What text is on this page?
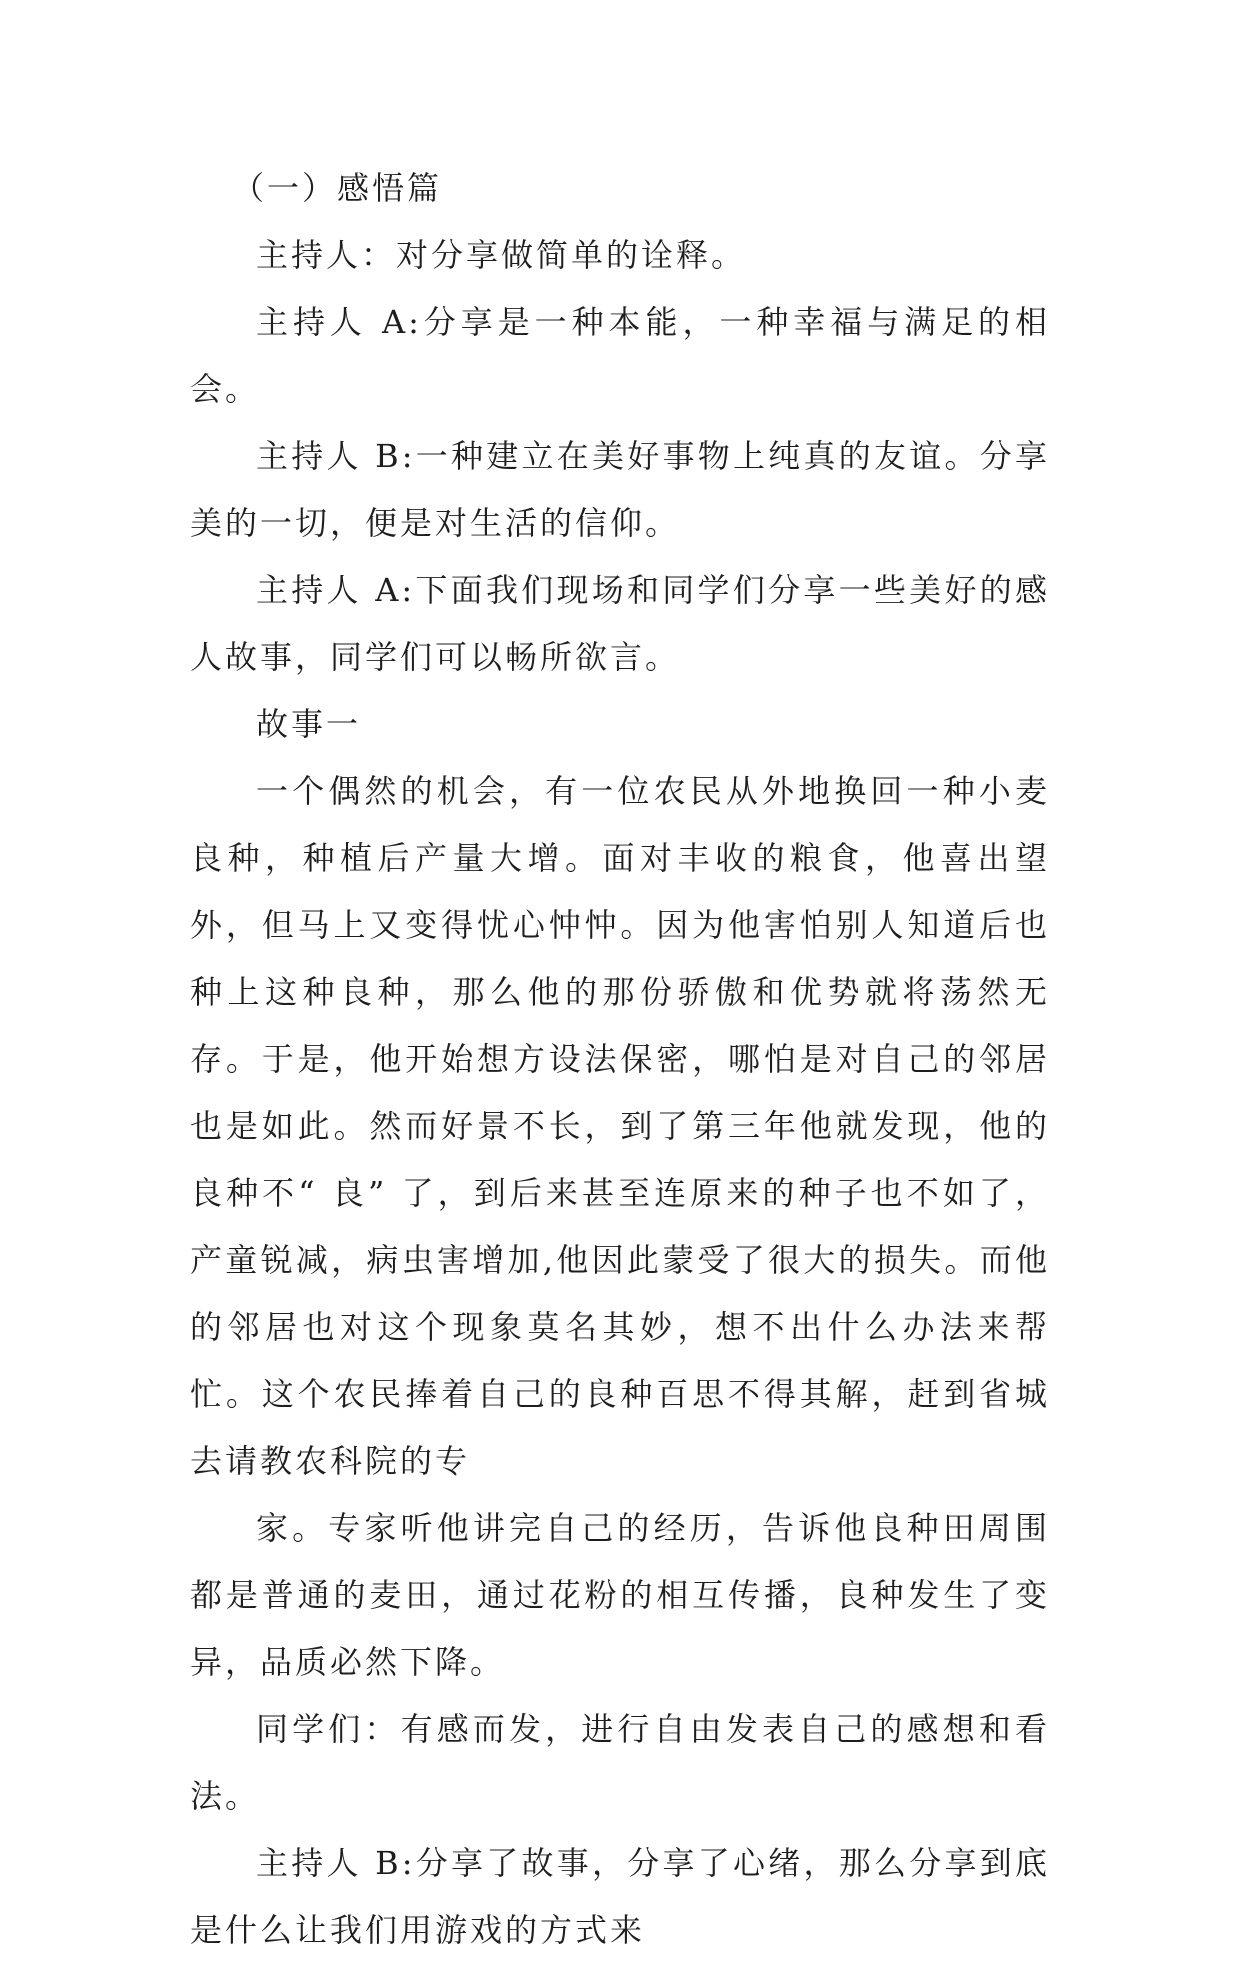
（一）感悟篇

主持人：对分享做简单的诠释。

主持人 A:分享是一种本能，一种幸福与满足的相会。

主持人 B:一种建立在美好事物上纯真的友谊。分享美的一切，便是对生活的信仰。

主持人 A:下面我们现场和同学们分享一些美好的感人故事，同学们可以畅所欲言。

故事一

一个偶然的机会，有一位农民从外地换回一种小麦良种，种植后产量大增。面对丰收的粮食，他喜出望外，但马上又变得忧心忡忡。因为他害怕别人知道后也种上这种良种，那么他的那份骄傲和优势就将荡然无存。于是，他开始想方设法保密，哪怕是对自己的邻居也是如此。然而好景不长，到了第三年他就发现，他的良种不“ 良” 了，到后来甚至连原来的种子也不如了，产童锐减，病虫害增加,他因此蒙受了很大的损失。而他的邻居也对这个现象莫名其妙，想不出什么办法来帮忙。这个农民捧着自己的良种百思不得其解，赶到省城去请教农科院的专

家。专家听他讲完自己的经历，告诉他良种田周围都是普通的麦田，通过花粉的相互传播，良种发生了变异，品质必然下降。

同学们：有感而发，进行自由发表自己的感想和看法。

主持人 B:分享了故事，分享了心绪，那么分享到底是什么让我们用游戏的方式来
